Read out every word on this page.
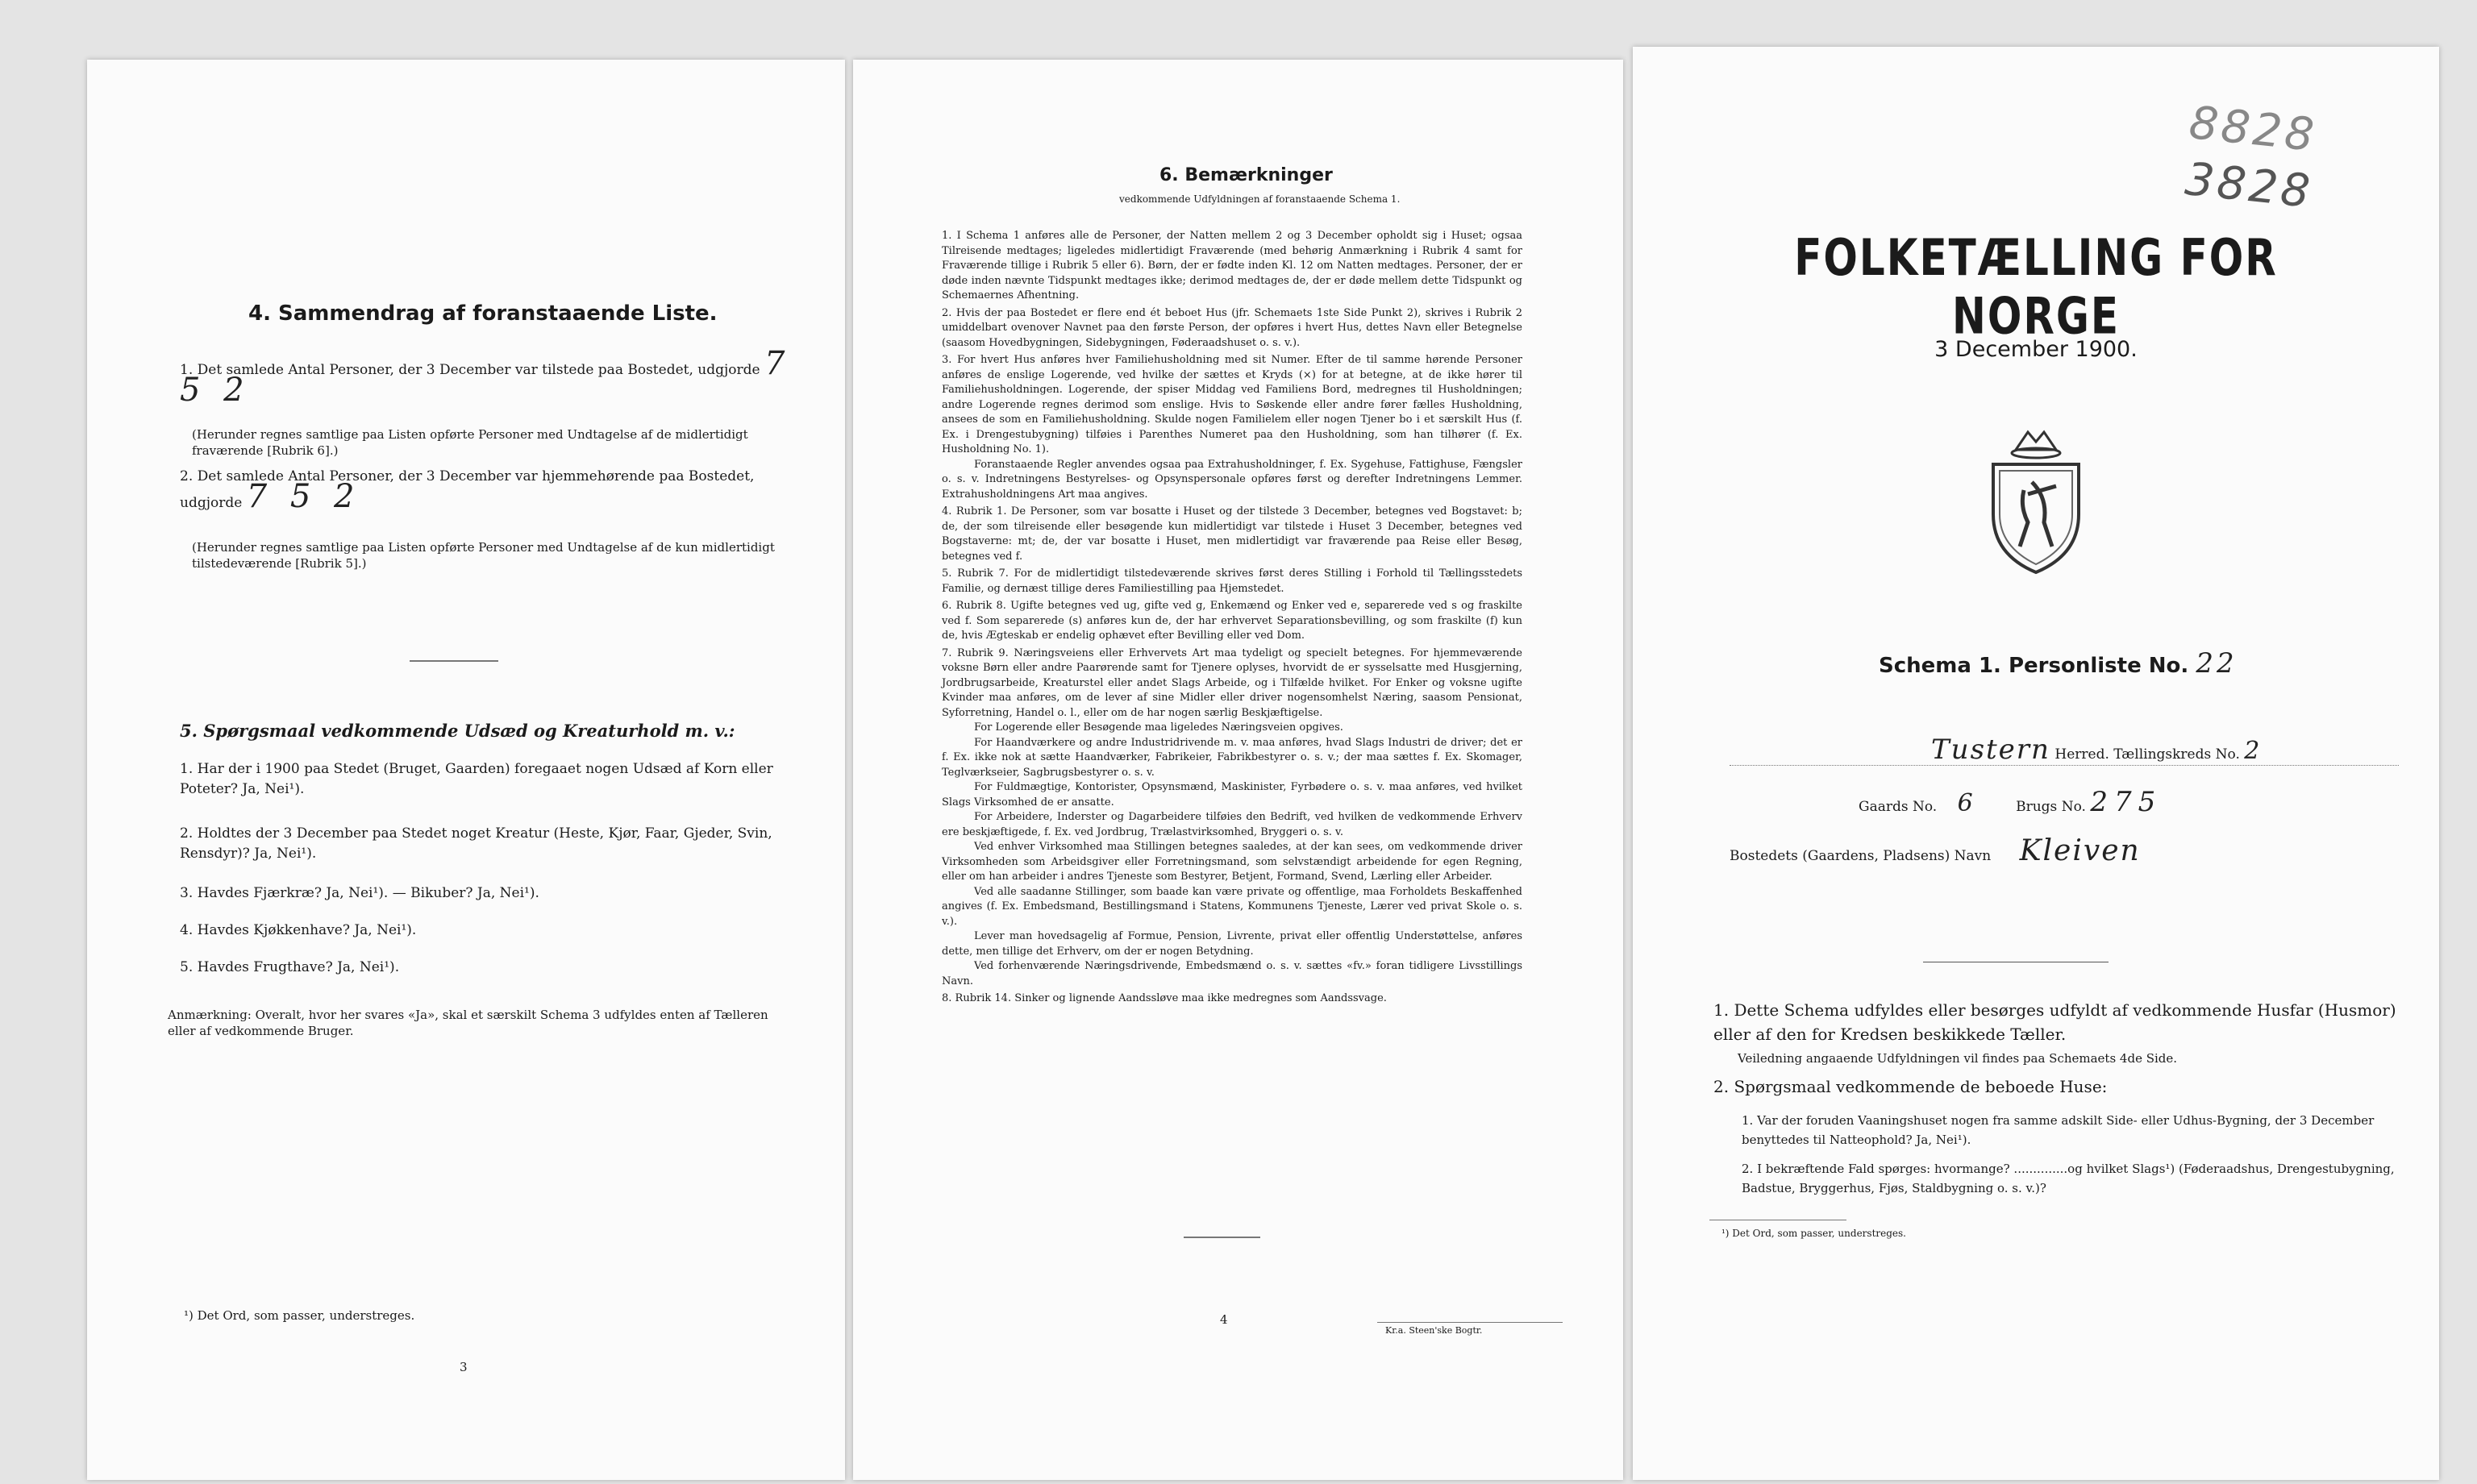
4. Sammendrag af foranstaaende Liste.
1. Det samlede Antal Personer, der 3 December var tilstede paa Bostedet, udgjorde 7 5 2
(Herunder regnes samtlige paa Listen opførte Personer med Undtagelse af de midlertidigt fraværende [Rubrik 6].)
2. Det samlede Antal Personer, der 3 December var hjemmehørende paa Bostedet, udgjorde 7 5 2
(Herunder regnes samtlige paa Listen opførte Personer med Undtagelse af de kun midlertidigt tilstedeværende [Rubrik 5].)
5. Spørgsmaal vedkommende Udsæd og Kreaturhold m. v.:
1. Har der i 1900 paa Stedet (Bruget, Gaarden) foregaaet nogen Udsæd af Korn eller Poteter? Ja, Nei¹).
2. Holdtes der 3 December paa Stedet noget Kreatur (Heste, Kjør, Faar, Gjeder, Svin, Rensdyr)? Ja, Nei¹).
3. Havdes Fjærkræ? Ja, Nei¹). — Bikuber? Ja, Nei¹).
4. Havdes Kjøkkenhave? Ja, Nei¹).
5. Havdes Frugthave? Ja, Nei¹).
Anmærkning: Overalt, hvor her svares «Ja», skal et særskilt Schema 3 udfyldes enten af Tælleren eller af vedkommende Bruger.
¹) Det Ord, som passer, understreges.
3
6. Bemærkninger
vedkommende Udfyldningen af foranstaaende Schema 1.

1. I Schema 1 anføres alle de Personer, der Natten mellem 2 og 3 December opholdt sig i Huset; ogsaa Tilreisende medtages; ligeledes midlertidigt Fraværende (med behørig Anmærkning i Rubrik 4 samt for Fraværende tillige i Rubrik 5 eller 6). Børn, der er fødte inden Kl. 12 om Natten medtages. Personer, der er døde inden nævnte Tidspunkt medtages ikke; derimod medtages de, der er døde mellem dette Tidspunkt og Schemaernes Afhentning.

2. Hvis der paa Bostedet er flere end ét beboet Hus (jfr. Schemaets 1ste Side Punkt 2), skrives i Rubrik 2 umiddelbart ovenover Navnet paa den første Person, der opføres i hvert Hus, dettes Navn eller Betegnelse (saasom Hovedbygningen, Sidebygningen, Føderaadshuset o. s. v.).

3. For hvert Hus anføres hver Familiehusholdning med sit Numer. Efter de til samme hørende Personer anføres de enslige Logerende, ved hvilke der sættes et Kryds (×) for at betegne, at de ikke hører til Familiehusholdningen. Logerende, der spiser Middag ved Familiens Bord, medregnes til Husholdningen; andre Logerende regnes derimod som enslige. Hvis to Søskende eller andre fører fælles Husholdning, ansees de som en Familiehusholdning. Skulde nogen Familielem eller nogen Tjener bo i et særskilt Hus (f. Ex. i Drengestubygning) tilføies i Parenthes Numeret paa den Husholdning, som han tilhører (f. Ex. Husholdning No. 1).

Foranstaaende Regler anvendes ogsaa paa Extrahusholdninger, f. Ex. Sygehuse, Fattighuse, Fængsler o. s. v. Indretningens Bestyrelses- og Opsynspersonale opføres først og derefter Indretningens Lemmer. Extrahusholdningens Art maa angives.

4. Rubrik 1. De Personer, som var bosatte i Huset og der tilstede 3 December, betegnes ved Bogstavet: b; de, der som tilreisende eller besøgende kun midlertidigt var tilstede i Huset 3 December, betegnes ved Bogstaverne: mt; de, der var bosatte i Huset, men midlertidigt var fraværende paa Reise eller Besøg, betegnes ved f.

5. Rubrik 7. For de midlertidigt tilstedeværende skrives først deres Stilling i Forhold til Tællingsstedets Familie, og dernæst tillige deres Familiestilling paa Hjemstedet.

6. Rubrik 8. Ugifte betegnes ved ug, gifte ved g, Enkemænd og Enker ved e, separerede ved s og fraskilte ved f. Som separerede (s) anføres kun de, der har erhvervet Separationsbevilling, og som fraskilte (f) kun de, hvis Ægteskab er endelig ophævet efter Bevilling eller ved Dom.

7. Rubrik 9. Næringsveiens eller Erhvervets Art maa tydeligt og specielt betegnes. For hjemmeværende voksne Børn eller andre Paarørende samt for Tjenere oplyses, hvorvidt de er sysselsatte med Husgjerning, Jordbrugsarbeide, Kreaturstel eller andet Slags Arbeide, og i Tilfælde hvilket. For Enker og voksne ugifte Kvinder maa anføres, om de lever af sine Midler eller driver nogensomhelst Næring, saasom Pensionat, Syforretning, Handel o. l., eller om de har nogen særlig Beskjæftigelse.

For Logerende eller Besøgende maa ligeledes Næringsveien opgives.

For Haandværkere og andre Industridrivende m. v. maa anføres, hvad Slags Industri de driver; det er f. Ex. ikke nok at sætte Haandværker, Fabrikeier, Fabrikbestyrer o. s. v.; der maa sættes f. Ex. Skomager, Teglværkseier, Sagbrugsbestyrer o. s. v.

For Fuldmægtige, Kontorister, Opsynsmænd, Maskinister, Fyrbødere o. s. v. maa anføres, ved hvilket Slags Virksomhed de er ansatte.

For Arbeidere, Inderster og Dagarbeidere tilføies den Bedrift, ved hvilken de vedkommende Erhverv ere beskjæftigede, f. Ex. ved Jordbrug, Trælastvirksomhed, Bryggeri o. s. v.

Ved enhver Virksomhed maa Stillingen betegnes saaledes, at der kan sees, om vedkommende driver Virksomheden som Arbeidsgiver eller Forretningsmand, som selvstændigt arbeidende for egen Regning, eller om han arbeider i andres Tjeneste som Bestyrer, Betjent, Formand, Svend, Lærling eller Arbeider.

Ved alle saadanne Stillinger, som baade kan være private og offentlige, maa Forholdets Beskaffenhed angives (f. Ex. Embedsmand, Bestillingsmand i Statens, Kommunens Tjeneste, Lærer ved privat Skole o. s. v.).

Lever man hovedsagelig af Formue, Pension, Livrente, privat eller offentlig Understøttelse, anføres dette, men tillige det Erhverv, om der er nogen Betydning.

Ved forhenværende Næringsdrivende, Embedsmænd o. s. v. sættes «fv.» foran tidligere Livsstillings Navn.

8. Rubrik 14. Sinker og lignende Aandssløve maa ikke medregnes som Aandssvage.

4
Kr.a. Steen'ske Bogtr.
8828
3828
FOLKETÆLLING FOR NORGE
3 December 1900.
Schema 1. Personliste No. 22
Tustern Herred. Tællingskreds No. 2
Gaards No. 6	Brugs No. 275
Bostedets (Gaardens, Pladsens) Navn Kleiven
1. Dette Schema udfyldes eller besørges udfyldt af vedkommende Husfar (Husmor) eller af den for Kredsen beskikkede Tæller.
Veiledning angaaende Udfyldningen vil findes paa Schemaets 4de Side.
2. Spørgsmaal vedkommende de beboede Huse:
1. Var der foruden Vaaningshuset nogen fra samme adskilt Side- eller Udhus-Bygning, der 3 December benyttedes til Natteophold? Ja, Nei¹).
2. I bekræftende Fald spørges: hvormange? ..............og hvilket Slags¹) (Føderaadshus, Drengestubygning, Badstue, Bryggerhus, Fjøs, Staldbygning o. s. v.)?
¹) Det Ord, som passer, understreges.
